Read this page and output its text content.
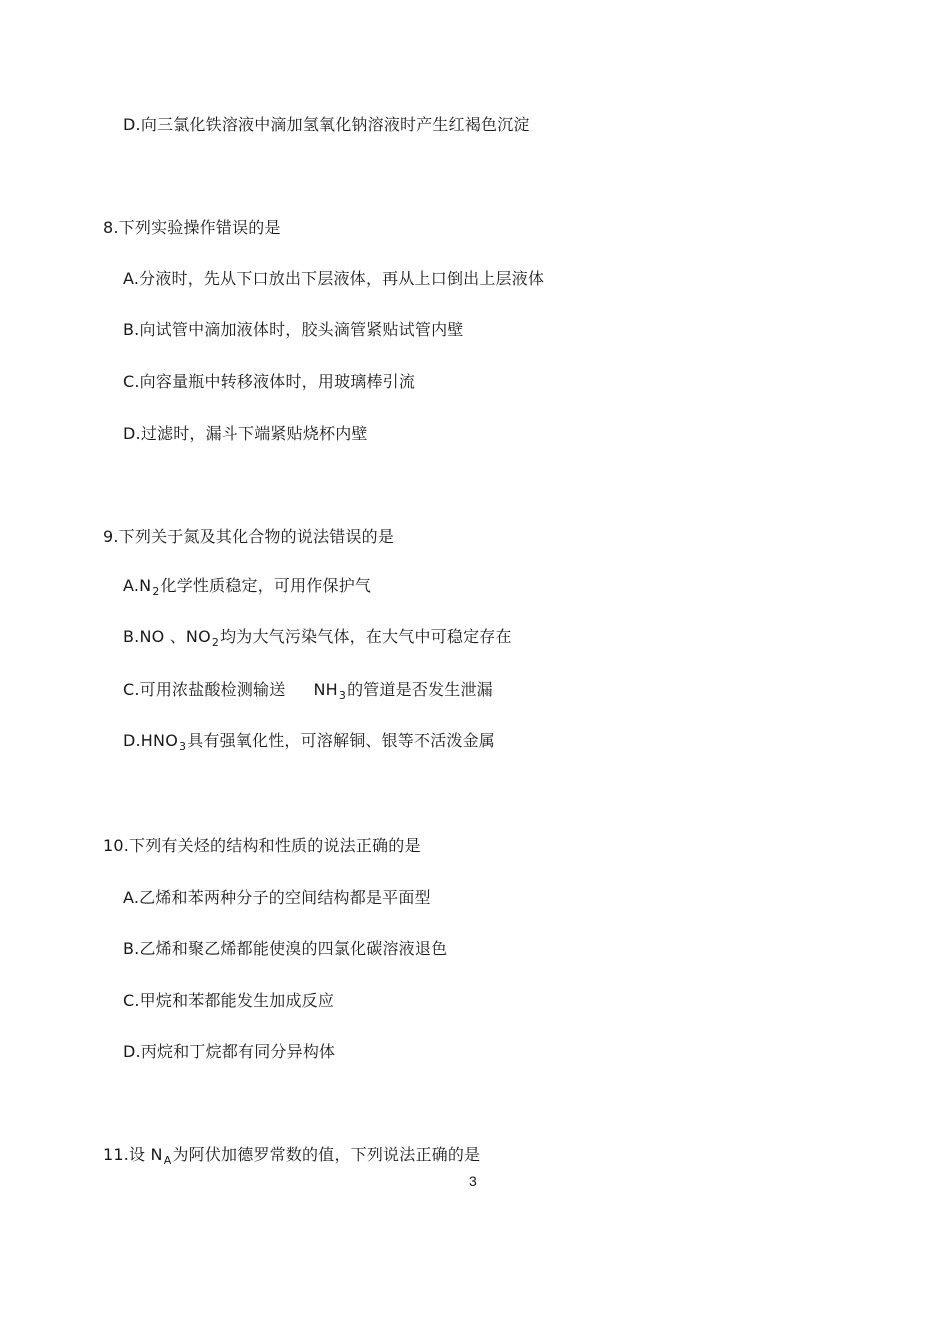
D.向三氯化铁溶液中滴加氢氧化钠溶液时产生红褐色沉淀
8.下列实验操作错误的是
A.分液时，先从下口放出下层液体，再从上口倒出上层液体
B.向试管中滴加液体时，胶头滴管紧贴试管内壁
C.向容量瓶中转移液体时，用玻璃棒引流
D.过滤时，漏斗下端紧贴烧杯内壁
9.下列关于氮及其化合物的说法错误的是
$A.N_2$化学性质稳定，可用作保护气
B.NO 、$NO_2$均为大气污染气体，在大气中可稳定存在
C.可用浓盐酸检测输送 $NH_3$的管道是否发生泄漏
$D.HNO_3$具有强氧化性，可溶解铜、银等不活泼金属
10.下列有关烃的结构和性质的说法正确的是
A.乙烯和苯两种分子的空间结构都是平面型
B.乙烯和聚乙烯都能使溴的四氯化碳溶液退色
C.甲烷和苯都能发生加成反应
D.丙烷和丁烷都有同分异构体
11.设 $N_A$为阿伏加德罗常数的值，下列说法正确的是
3
